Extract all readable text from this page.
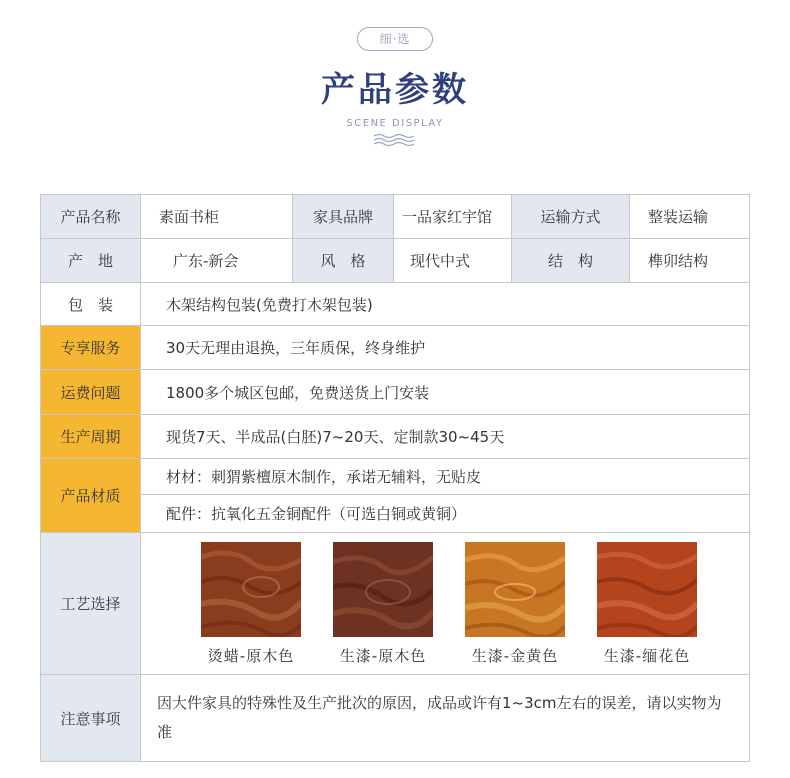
细·选
产品参数
SCENE DISPLAY
产品名称	素面书柜	家具品牌	一品家红宇馆	运输方式	整装运输
产　地	广东-新会	风　格	现代中式	结　构	榫卯结构
包　装	木架结构包装(免费打木架包装)				
专享服务	30天无理由退换，三年质保，终身维护				
运费问题	1800多个城区包邮，免费送货上门安装				
生产周期	现货7天、半成品(白胚)7~20天、定制款30~45天				
产品材质	材材：刺猬紫檀原木制作，承诺无辅料，无贴皮				
	配件：抗氧化五金铜配件（可选白铜或黄铜）				
工艺选择	烫蜡-原木色 生漆-原木色 生漆-金黄色 生漆-缅花色				

注意事项	因大件家具的特殊性及生产批次的原因，成品或许有1~3cm左右的误差，请以实物为准				
